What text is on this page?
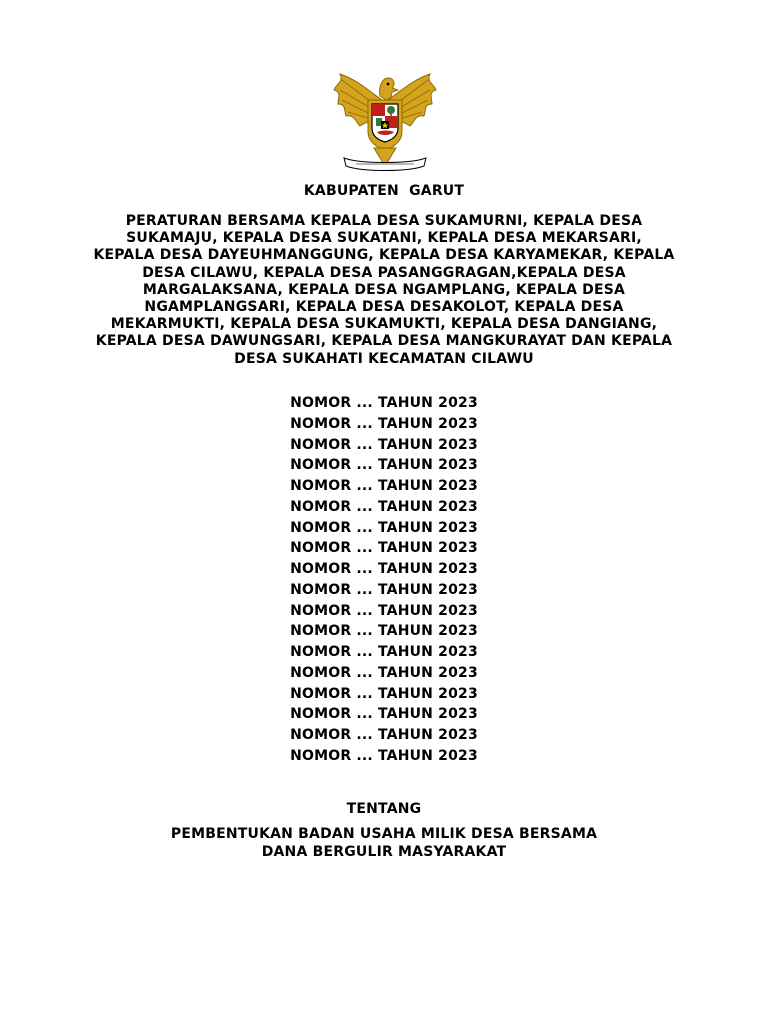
KABUPATEN  GARUT
PERATURAN BERSAMA KEPALA DESA SUKAMURNI, KEPALA DESA
SUKAMAJU, KEPALA DESA SUKATANI, KEPALA DESA MEKARSARI,
KEPALA DESA DAYEUHMANGGUNG, KEPALA DESA KARYAMEKAR, KEPALA
DESA CILAWU, KEPALA DESA PASANGGRAGAN,KEPALA DESA
MARGALAKSANA, KEPALA DESA NGAMPLANG, KEPALA DESA
NGAMPLANGSARI, KEPALA DESA DESAKOLOT, KEPALA DESA
MEKARMUKTI, KEPALA DESA SUKAMUKTI, KEPALA DESA DANGIANG,
KEPALA DESA DAWUNGSARI, KEPALA DESA MANGKURAYAT DAN KEPALA
DESA SUKAHATI KECAMATAN CILAWU
NOMOR ... TAHUN 2023
NOMOR ... TAHUN 2023
NOMOR ... TAHUN 2023
NOMOR ... TAHUN 2023
NOMOR ... TAHUN 2023
NOMOR ... TAHUN 2023
NOMOR ... TAHUN 2023
NOMOR ... TAHUN 2023
NOMOR ... TAHUN 2023
NOMOR ... TAHUN 2023
NOMOR ... TAHUN 2023
NOMOR ... TAHUN 2023
NOMOR ... TAHUN 2023
NOMOR ... TAHUN 2023
NOMOR ... TAHUN 2023
NOMOR ... TAHUN 2023
NOMOR ... TAHUN 2023
NOMOR ... TAHUN 2023
TENTANG
PEMBENTUKAN BADAN USAHA MILIK DESA BERSAMA
DANA BERGULIR MASYARAKAT
